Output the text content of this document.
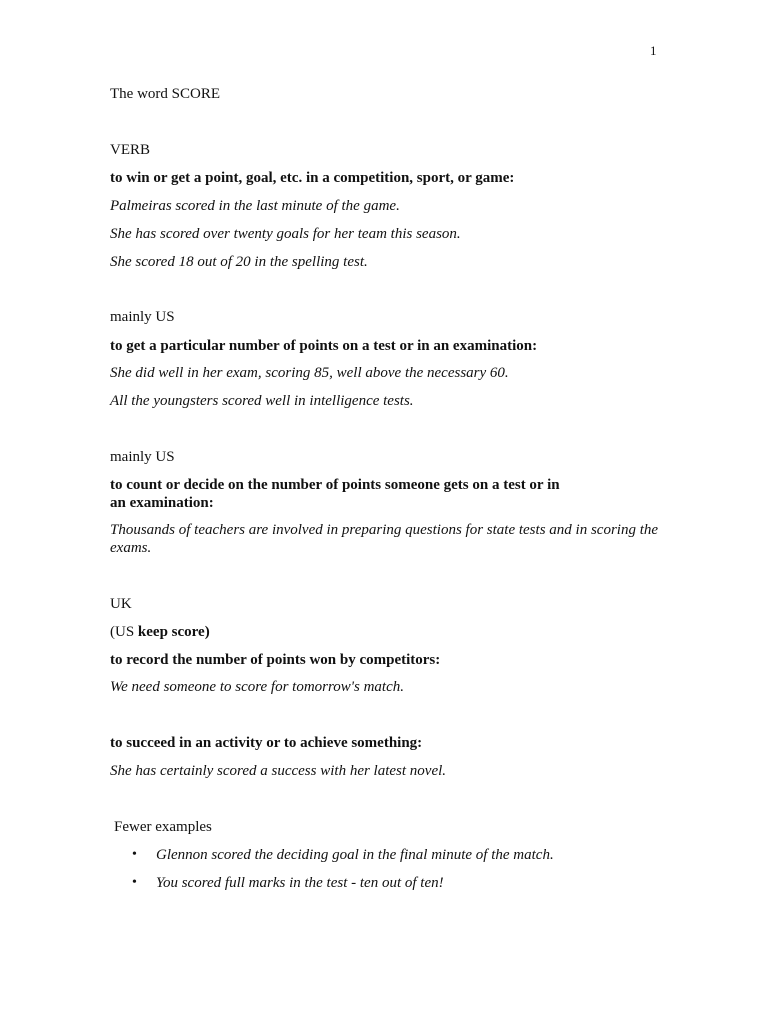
1
The word SCORE
VERB
to win or get a point, goal, etc. in a competition, sport, or game:
Palmeiras scored in the last minute of the game.
She has scored over twenty goals for her team this season.
She scored 18 out of 20 in the spelling test.
mainly US
to get a particular number of points on a test or in an examination:
She did well in her exam, scoring 85, well above the necessary 60.
All the youngsters scored well in intelligence tests.
mainly US
to count or decide on the number of points someone gets on a test or in
an examination:
Thousands of teachers are involved in preparing questions for state tests and in scoring the exams.
UK
(US keep score)
to record the number of points won by competitors:
We need someone to score for tomorrow's match.
to succeed in an activity or to achieve something:
She has certainly scored a success with her latest novel.
Fewer examples
• Glennon scored the deciding goal in the final minute of the match.
• You scored full marks in the test - ten out of ten!
